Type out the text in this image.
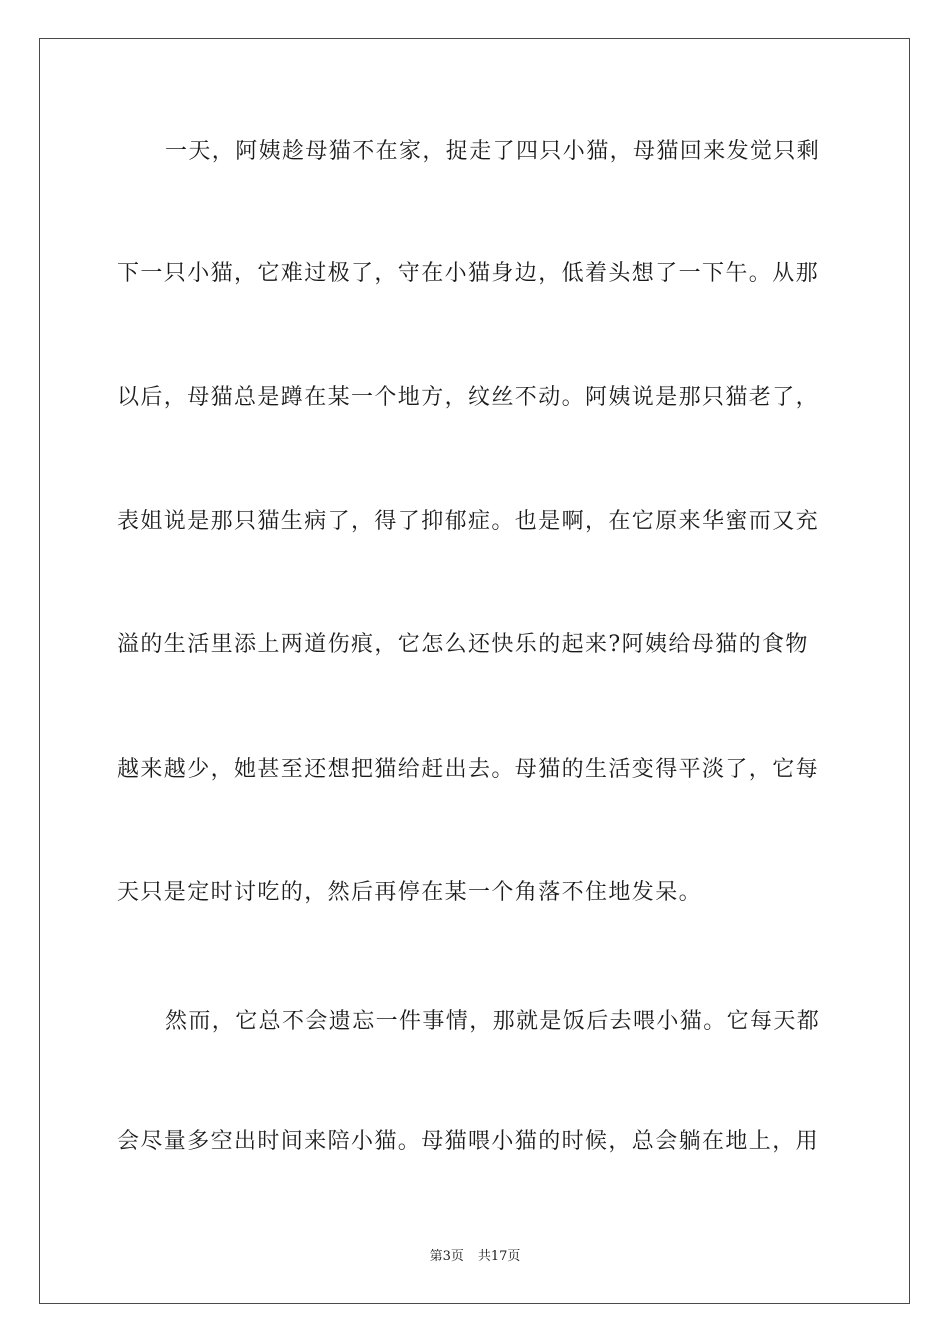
一天，阿姨趁母猫不在家，捉走了四只小猫，母猫回来发觉只剩
下一只小猫，它难过极了，守在小猫身边，低着头想了一下午。从那
以后，母猫总是蹲在某一个地方，纹丝不动。阿姨说是那只猫老了，
表姐说是那只猫生病了，得了抑郁症。也是啊，在它原来华蜜而又充
溢的生活里添上两道伤痕，它怎么还快乐的起来?阿姨给母猫的食物
越来越少，她甚至还想把猫给赶出去。母猫的生活变得平淡了，它每
天只是定时讨吃的，然后再停在某一个角落不住地发呆。
然而，它总不会遗忘一件事情，那就是饭后去喂小猫。它每天都
会尽量多空出时间来陪小猫。母猫喂小猫的时候，总会躺在地上，用
第3页 共17页
